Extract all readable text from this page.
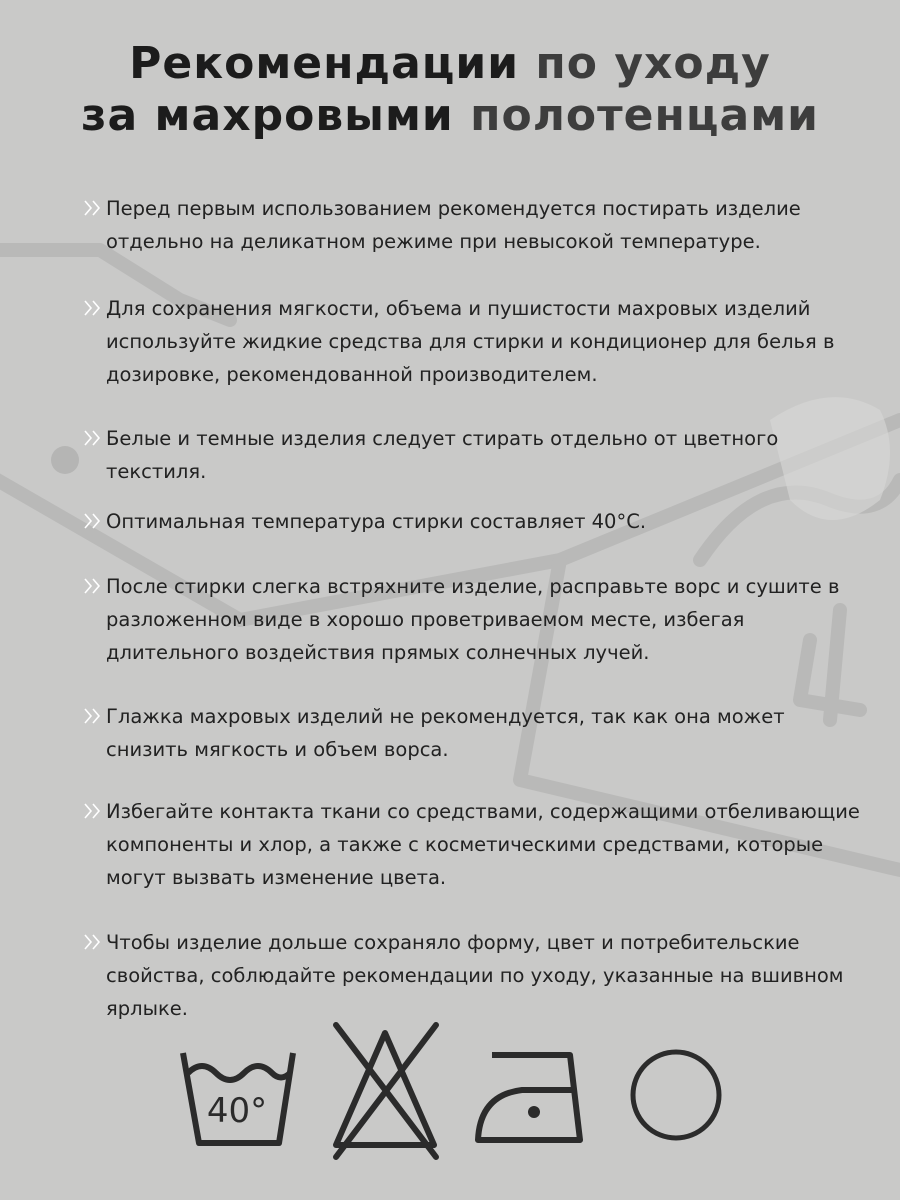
Рекомендации по уходу
за махровыми полотенцами
Перед первым использованием рекомендуется постирать изделие отдельно на деликатном режиме при невысокой температуре.
Для сохранения мягкости, объема и пушистости махровых изделий используйте жидкие средства для стирки и кондиционер для белья в дозировке, рекомендованной производителем.
Белые и темные изделия следует стирать отдельно от цветного текстиля.
Оптимальная температура стирки составляет 40°C.
После стирки слегка встряхните изделие, расправьте ворс и сушите в разложенном виде в хорошо проветриваемом месте, избегая длительного воздействия прямых солнечных лучей.
Глажка махровых изделий не рекомендуется, так как она может снизить мягкость и объем ворса.
Избегайте контакта ткани со средствами, содержащими отбеливающие компоненты и хлор, а также с косметическими средствами, которые могут вызвать изменение цвета.
Чтобы изделие дольше сохраняло форму, цвет и потребительские свойства, соблюдайте рекомендации по уходу, указанные на вшивном ярлыке.
40°
